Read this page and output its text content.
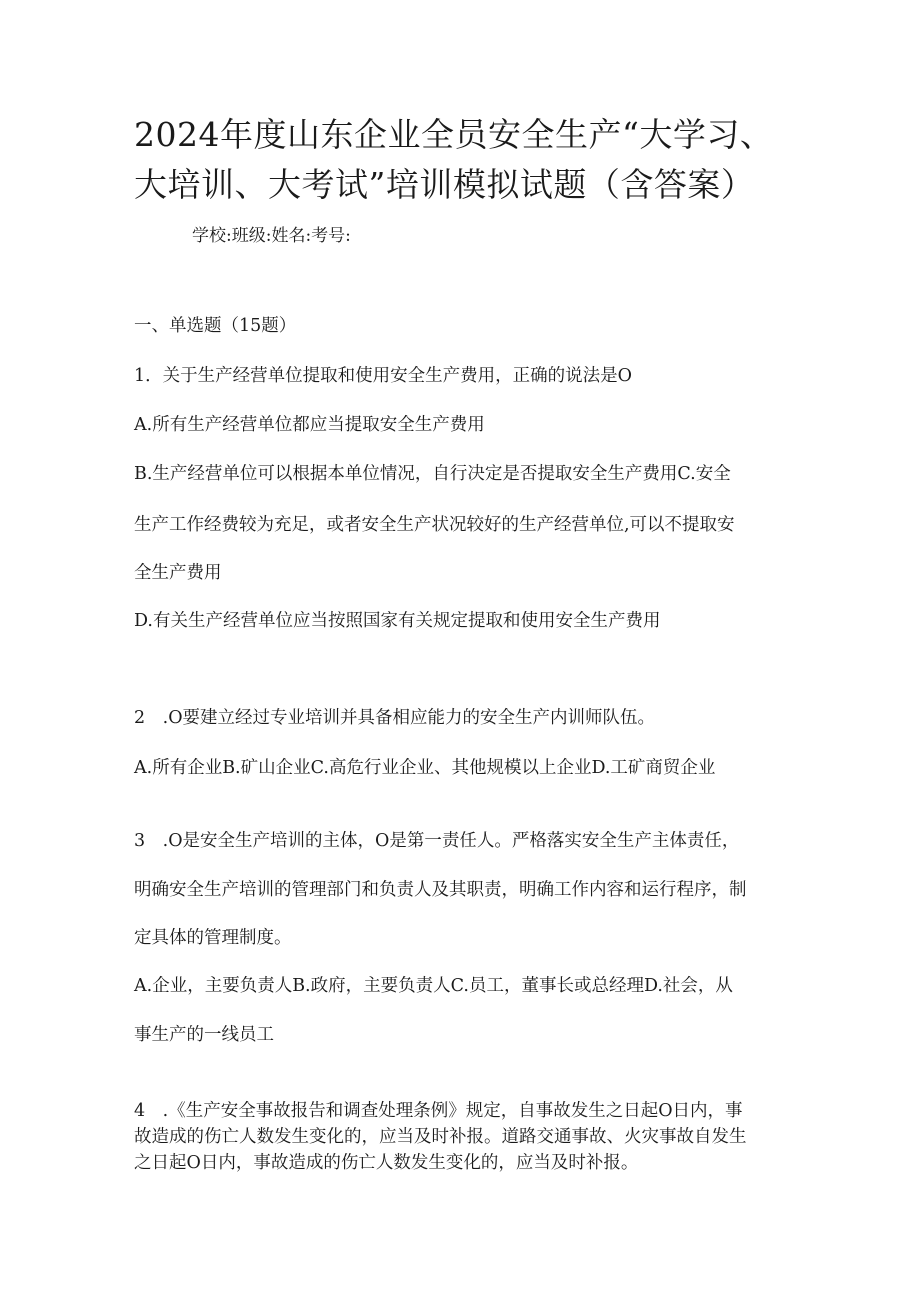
2024年度山东企业全员安全生产“大学习、
大培训、大考试”培训模拟试题（含答案）
学校:班级:姓名:考号:
一、单选题（15题）
1．关于生产经营单位提取和使用安全生产费用，正确的说法是O
A.所有生产经营单位都应当提取安全生产费用
B.生产经营单位可以根据本单位情况，自行决定是否提取安全生产费用C.安全
生产工作经费较为充足，或者安全生产状况较好的生产经营单位,可以不提取安
全生产费用
D.有关生产经营单位应当按照国家有关规定提取和使用安全生产费用
2　.O要建立经过专业培训并具备相应能力的安全生产内训师队伍。
A.所有企业B.矿山企业C.高危行业企业、其他规模以上企业D.工矿商贸企业
3　.O是安全生产培训的主体，O是第一责任人。严格落实安全生产主体责任，
明确安全生产培训的管理部门和负责人及其职责，明确工作内容和运行程序，制
定具体的管理制度。
A.企业，主要负责人B.政府，主要负责人C.员工，董事长或总经理D.社会，从
事生产的一线员工
4　.《生产安全事故报告和调查处理条例》规定，自事故发生之日起O日内，事
故造成的伤亡人数发生变化的，应当及时补报。道路交通事故、火灾事故自发生
之日起O日内，事故造成的伤亡人数发生变化的，应当及时补报。
